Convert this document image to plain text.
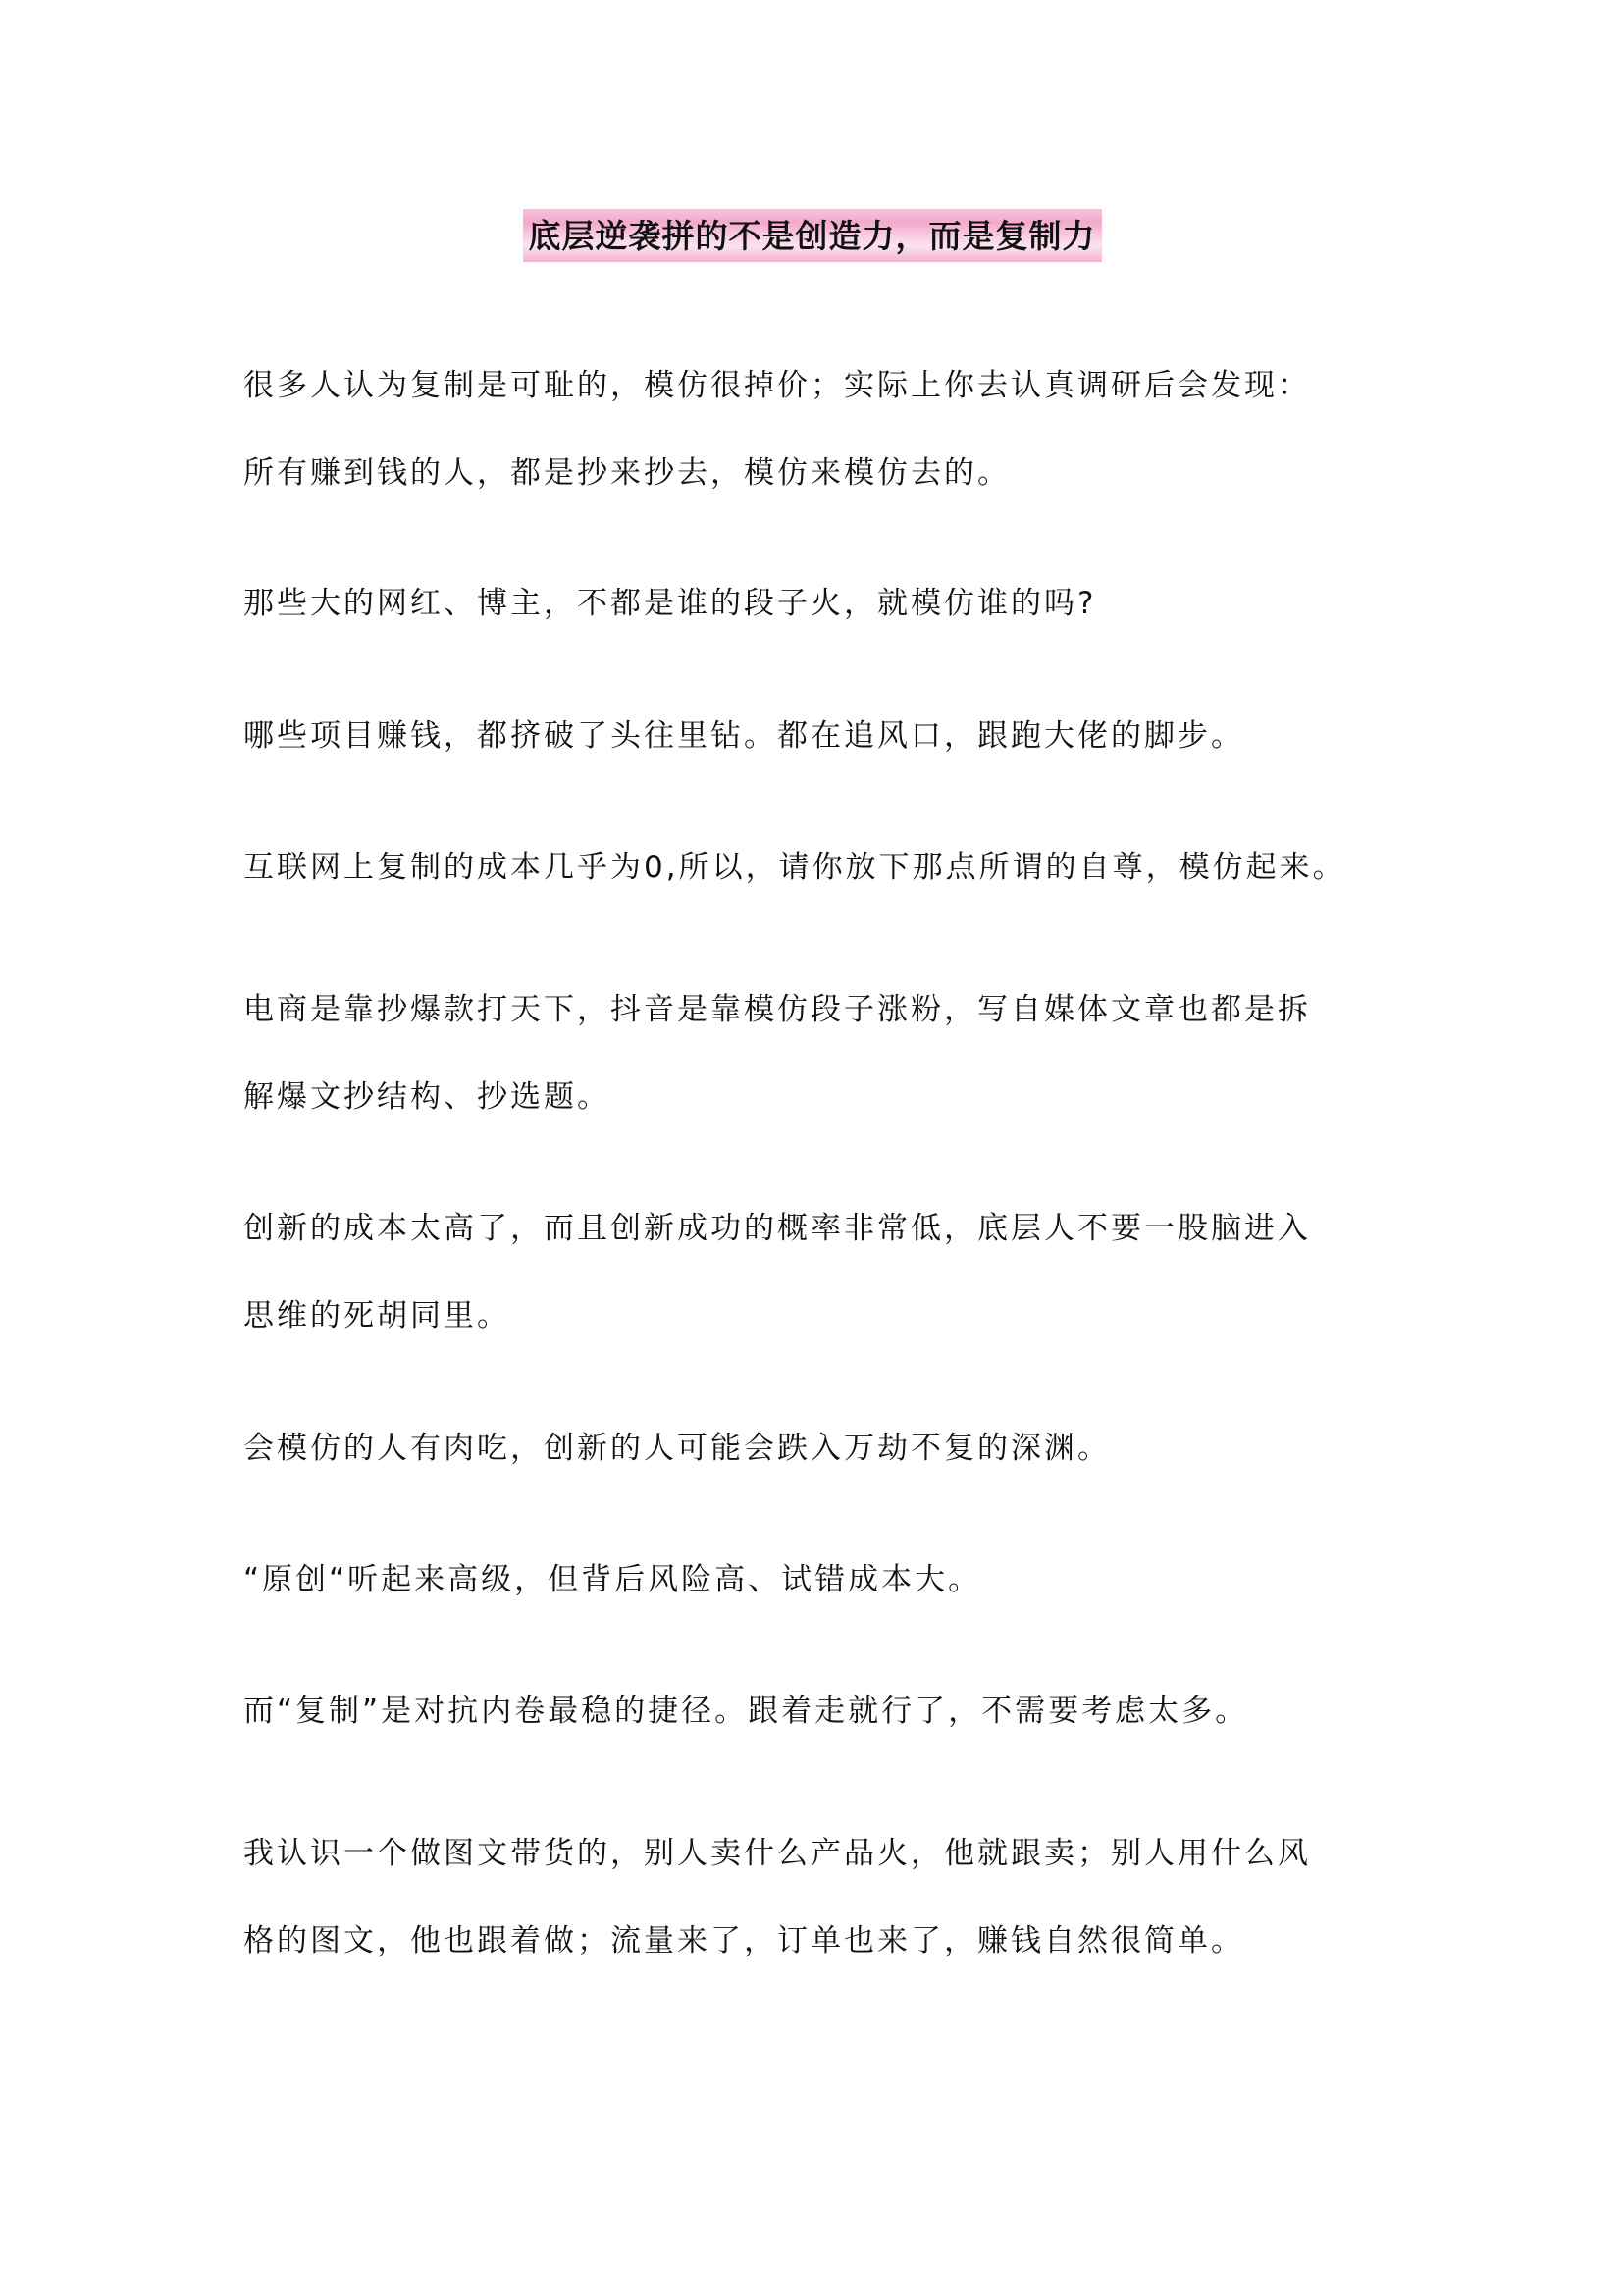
底层逆袭拼的不是创造力，而是复制力

很多人认为复制是可耻的，模仿很掉价；实际上你去认真调研后会发现：
所有赚到钱的人，都是抄来抄去，模仿来模仿去的。

那些大的网红、博主，不都是谁的段子火，就模仿谁的吗?

哪些项目赚钱，都挤破了头往里钻。都在追风口，跟跑大佬的脚步。

互联网上复制的成本几乎为0,所以，请你放下那点所谓的自尊，模仿起来。

电商是靠抄爆款打天下，抖音是靠模仿段子涨粉，写自媒体文章也都是拆
解爆文抄结构、抄选题。

创新的成本太高了，而且创新成功的概率非常低，底层人不要一股脑进入
思维的死胡同里。

会模仿的人有肉吃，创新的人可能会跌入万劫不复的深渊。

“原创“听起来高级，但背后风险高、试错成本大。

而“复制”是对抗内卷最稳的捷径。跟着走就行了，不需要考虑太多。

我认识一个做图文带货的，别人卖什么产品火，他就跟卖；别人用什么风
格的图文，他也跟着做；流量来了，订单也来了，赚钱自然很简单。
